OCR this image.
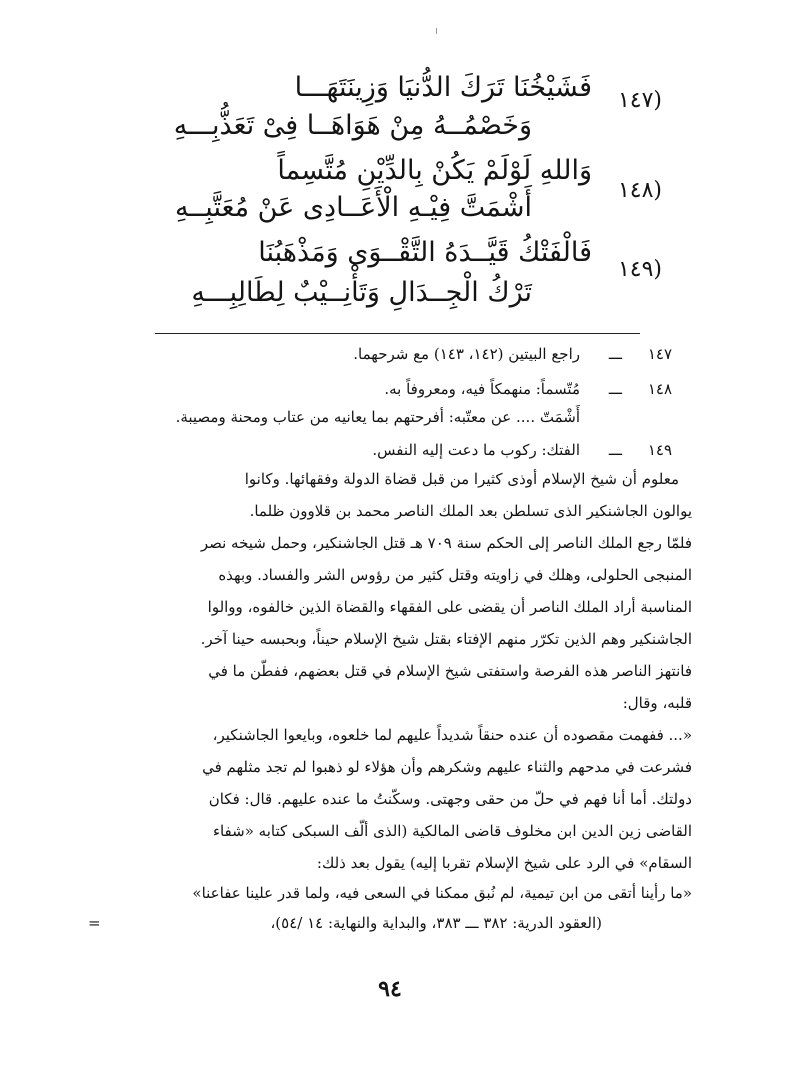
(١٤٧
فَشَيْخُنَا تَرَكَ الدُّنيَا وَزِينَتَهَـــا
وَخَصْمُــهُ مِنْ هَوَاهَــا فِىْ تَعَذُّبِـــهِ
(١٤٨
وَاللهِ لَوْلَمْ يَكُنْ بِالدِّيْنِ مُتَّسِماً
أَشْمَتَّ فِيْـهِ الْأَعَــادِى عَنْ مُعَتَّبِــهِ
(١٤٩
فَالْفَتْكُ قَيَّــدَهُ التَّقْــوَى وَمَذْهَبُنَا
تَرْكُ الْجِــدَالِ وَتَأْنِــيْبٌ لِطَالِبِـــهِ
١٤٧
ـــ
راجع البيتين (١٤٢، ١٤٣) مع شرحهما.
١٤٨
ـــ
مُتّسماً: منهمكاً فيه، ومعروفاً به.
أَشْمَتّ .... عن معتّبه: أفرحتهم بما يعانيه من عتاب ومحنة ومصيبة.
١٤٩
ـــ
الفتك: ركوب ما دعت إليه النفس.
معلوم أن شيخ الإسلام أوذى كثيرا من قبل قضاة الدولة وفقهائها. وكانوا
يوالون الجاشنكير الذى تسلطن بعد الملك الناصر محمد بن قلاوون ظلما.
فلمّا رجع الملك الناصر إلى الحكم سنة ٧٠٩ هـ قتل الجاشنكير، وحمل شيخه نصر
المنبجى الحلولى، وهلك في زاويته وقتل كثير من رؤوس الشر والفساد. وبهذه
المناسبة أراد الملك الناصر أن يقضى على الفقهاء والقضاة الذين خالفوه، ووالوا
الجاشنكير وهم الذين تكرّر منهم الإفتاء بقتل شيخ الإسلام حيناً، وبحبسه حينا آخر.
فانتهز الناصر هذه الفرصة واستفتى شيخ الإسلام في قتل بعضهم، ففطّن ما في
قلبه، وقال:
«... ففهمت مقصوده أن عنده حنقاً شديداً عليهم لما خلعوه، وبايعوا الجاشنكير،
فشرعت في مدحهم والثناء عليهم وشكرهم وأن هؤلاء لو ذهبوا لم تجد مثلهم في
دولتك. أما أنا فهم في حلّ من حقى وجهتى. وسكّنتُ ما عنده عليهم. قال: فكان
القاضى زين الدين ابن مخلوف قاضى المالكية (الذى ألّف السبكى كتابه «شفاء
السقام» في الرد على شيخ الإسلام تقربا إليه) يقول بعد ذلك:
«ما رأينا أتقى من ابن تيمية، لم نُبق ممكنا في السعى فيه، ولما قدر علينا عفاعنا»
(العقود الدرية: ٣٨٢ ـــ ٣٨٣، والبداية والنهاية: ١٤ /٥٤)،
=
٩٤
